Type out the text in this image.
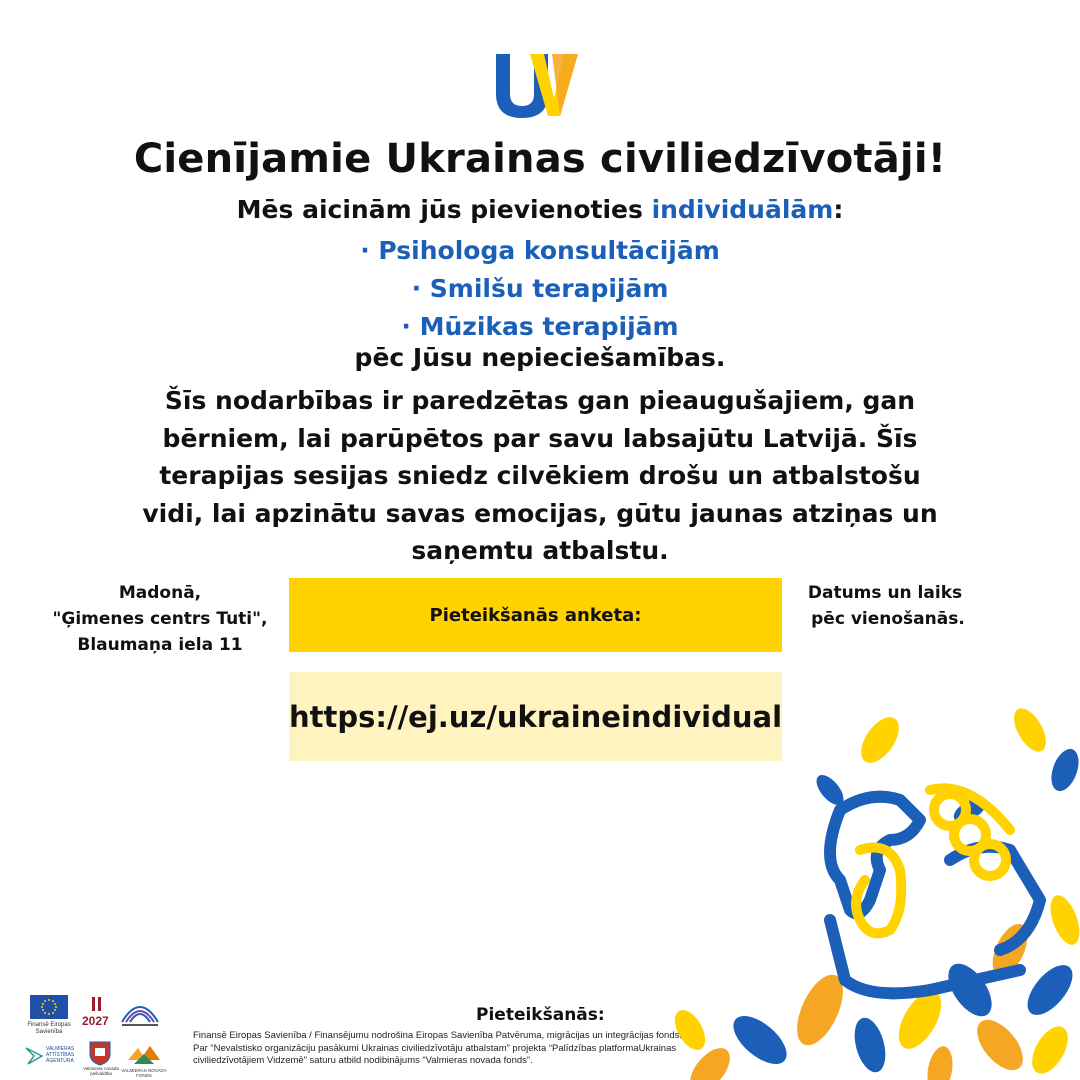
Cienījamie Ukrainas civiliedzīvotāji!
Mēs aicinām jūs pievienoties individuālām:
· Psihologa konsultācijām
· Smilšu terapijām
· Mūzikas terapijām
pēc Jūsu nepieciešamības.
Šīs nodarbības ir paredzētas gan pieaugušajiem, gan
bērniem, lai parūpētos par savu labsajūtu Latvijā. Šīs
terapijas sesijas sniedz cilvēkiem drošu un atbalstošu
vidi, lai apzinātu savas emocijas, gūtu jaunas atziņas un
saņemtu atbalstu.
Madonā,
"Ģimenes centrs Tuti",
Blaumaņa iela 11
Pieteikšanās anketa:
Datums un laiks
pēc vienošanās.
https://ej.uz/ukraineindividual
Pieteikšanās:
Finansē Eiropas Savienība / Finansējumu nodrošina Eiropas Savienība Patvēruma, migrācijas un integrācijas fonds. Par “Nevalstisko organizāciju pasākumi Ukrainas civiliedzīvotāju atbalstam” projekta “Palīdzības platformaUkrainas civiliedzīvotājiem Vidzemē” saturu atbild nodibinājums “Valmieras novada fonds”.
Finansē Eiropas Savienība
VALMIERAS ATTĪSTĪBAS AĢENTŪRA
2027
Valmieras novada pašvaldība
VALMIERAS NOVADA FONDS
